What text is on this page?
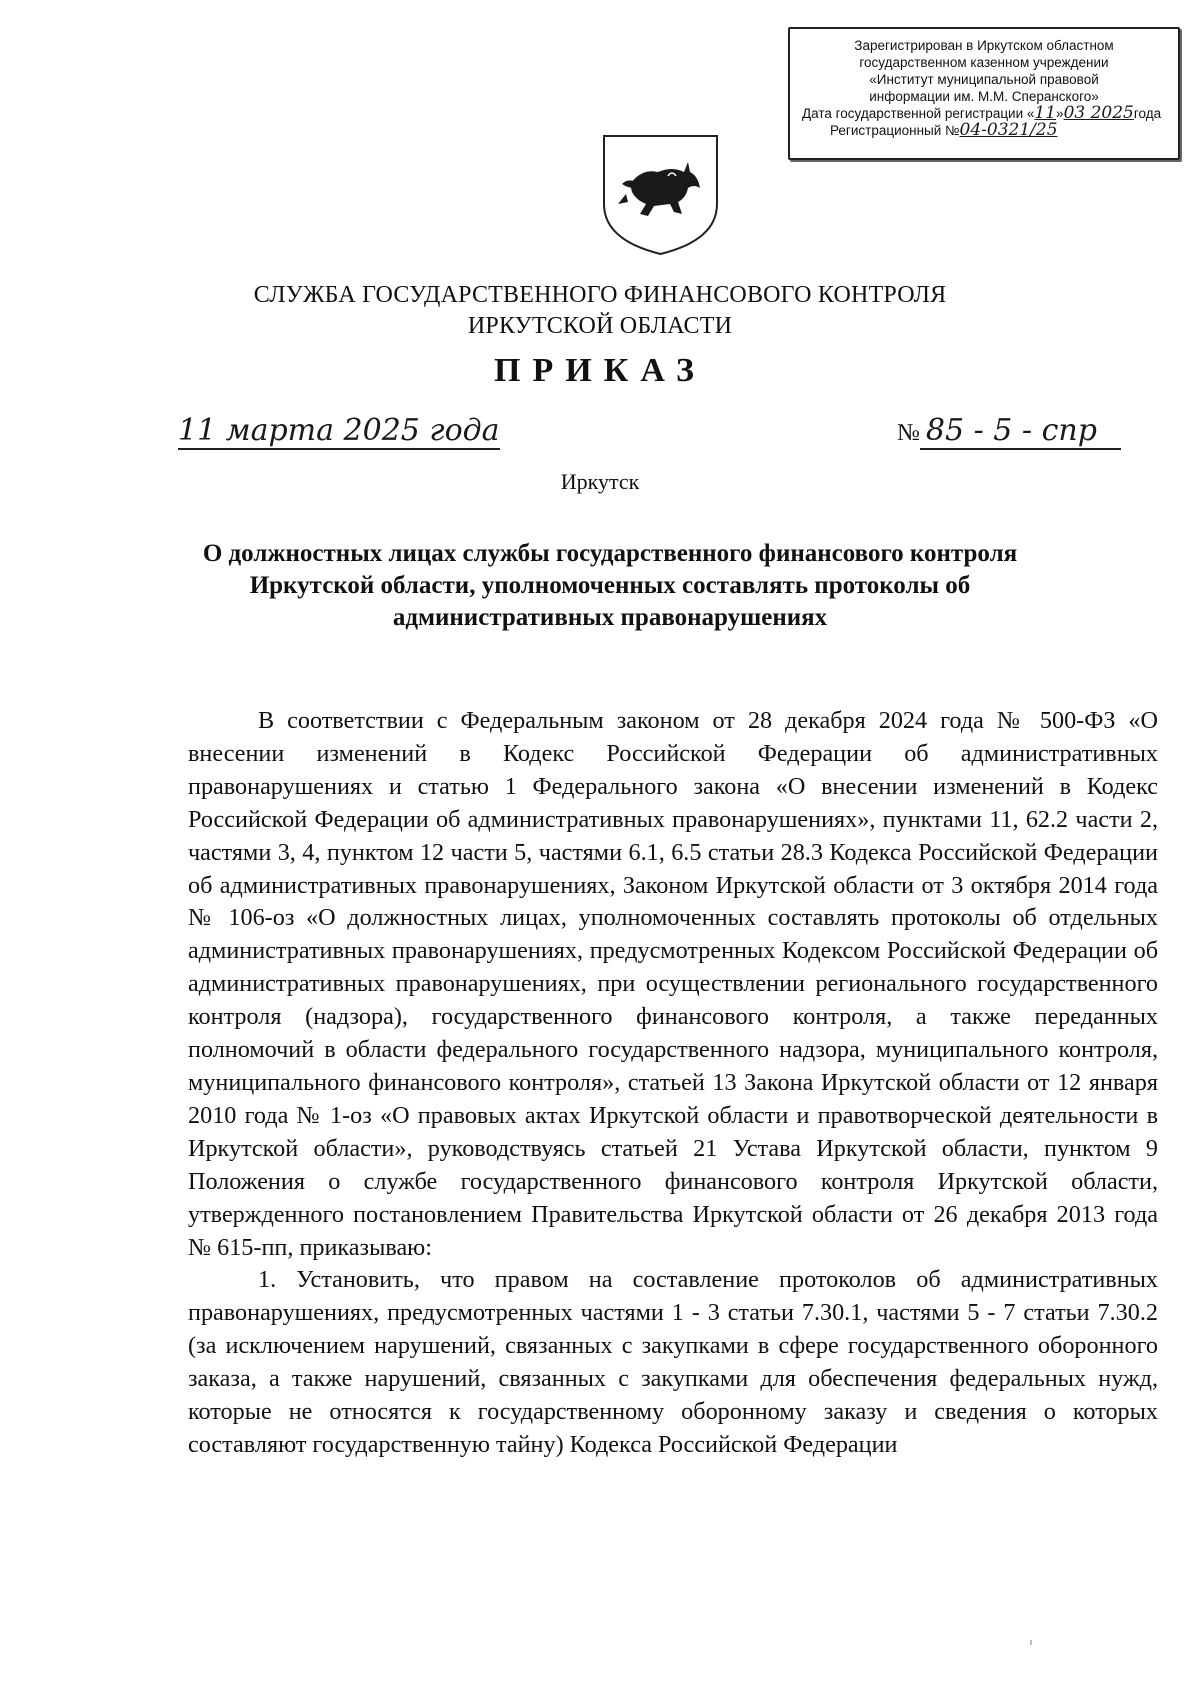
Зарегистрирован в Иркутском областном
государственном казенном учреждении
«Институт муниципальной правовой
информации им. М.М. Сперанского»
Дата государственной регистрации «11»03 2025года
Регистрационный №04-0321/25
СЛУЖБА ГОСУДАРСТВЕННОГО ФИНАНСОВОГО КОНТРОЛЯ
ИРКУТСКОЙ ОБЛАСТИ
ПРИКАЗ
11 марта 2025 года	№ 85 - 5 - спр
Иркутск
О должностных лицах службы государственного финансового контроля
Иркутской области, уполномоченных составлять протоколы об
административных правонарушениях

В соответствии с Федеральным законом от 28 декабря 2024 года № 500-ФЗ «О внесении изменений в Кодекс Российской Федерации об административных правонарушениях и статью 1 Федерального закона «О внесении изменений в Кодекс Российской Федерации об административных правонарушениях», пунктами 11, 62.2 части 2, частями 3, 4, пунктом 12 части 5, частями 6.1, 6.5 статьи 28.3 Кодекса Российской Федерации об административных правонарушениях, Законом Иркутской области от 3 октября 2014 года № 106-оз «О должностных лицах, уполномоченных составлять протоколы об отдельных административных правонарушениях, предусмотренных Кодексом Российской Федерации об административных правонарушениях, при осуществлении регионального государственного контроля (надзора), государственного финансового контроля, а также переданных полномочий в области федерального государственного надзора, муниципального контроля, муниципального финансового контроля», статьей 13 Закона Иркутской области от 12 января 2010 года № 1-оз «О правовых актах Иркутской области и правотворческой деятельности в Иркутской области», руководствуясь статьей 21 Устава Иркутской области, пунктом 9 Положения о службе государственного финансового контроля Иркутской области, утвержденного постановлением Правительства Иркутской области от 26 декабря 2013 года № 615-пп, приказываю:

1. Установить, что правом на составление протоколов об административных правонарушениях, предусмотренных частями 1 - 3 статьи 7.30.1, частями 5 - 7 статьи 7.30.2 (за исключением нарушений, связанных с закупками в сфере государственного оборонного заказа, а также нарушений, связанных с закупками для обеспечения федеральных нужд, которые не относятся к государственному оборонному заказу и сведения о которых составляют государственную тайну) Кодекса Российской Федерации
